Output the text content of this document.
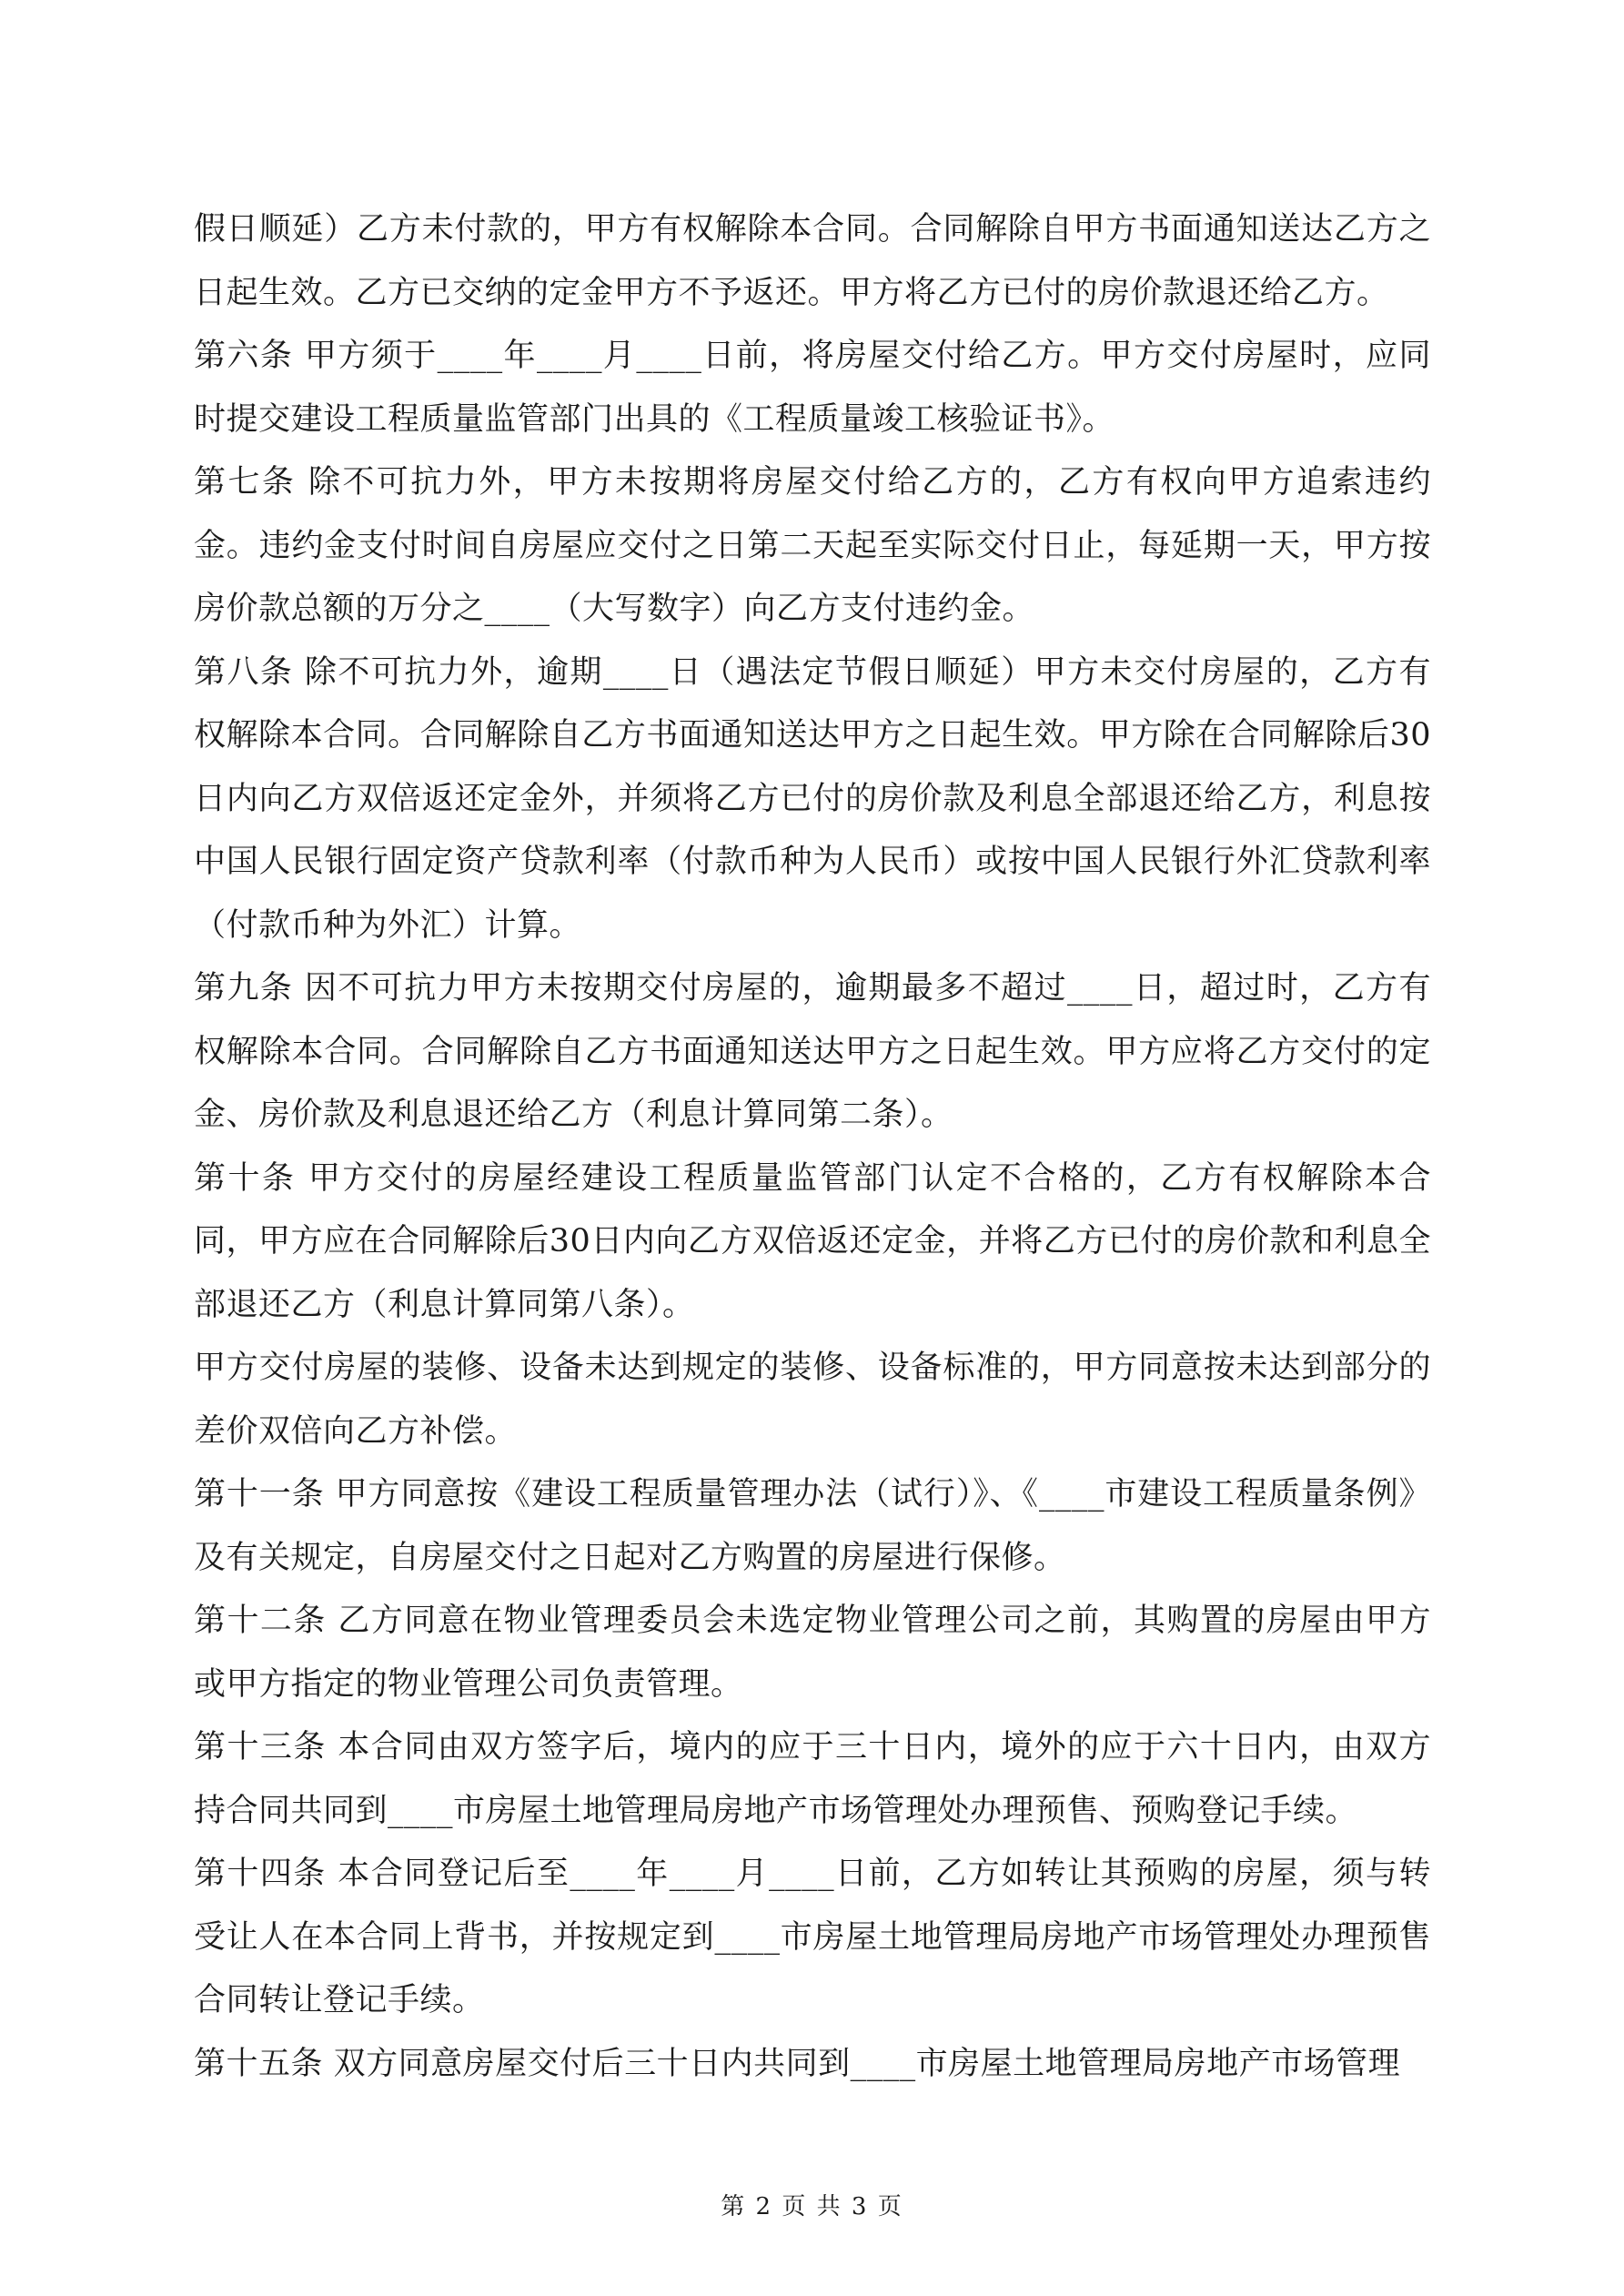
假日顺延）乙方未付款的，甲方有权解除本合同。合同解除自甲方书面通知送达乙方之日起生效。乙方已交纳的定金甲方不予返还。甲方将乙方已付的房价款退还给乙方。

第六条 甲方须于____年____月____日前，将房屋交付给乙方。甲方交付房屋时，应同时提交建设工程质量监管部门出具的《工程质量竣工核验证书》。

第七条 除不可抗力外，甲方未按期将房屋交付给乙方的，乙方有权向甲方追索违约金。违约金支付时间自房屋应交付之日第二天起至实际交付日止，每延期一天，甲方按房价款总额的万分之____（大写数字）向乙方支付违约金。

第八条 除不可抗力外，逾期____日（遇法定节假日顺延）甲方未交付房屋的，乙方有权解除本合同。合同解除自乙方书面通知送达甲方之日起生效。甲方除在合同解除后30日内向乙方双倍返还定金外，并须将乙方已付的房价款及利息全部退还给乙方，利息按中国人民银行固定资产贷款利率（付款币种为人民币）或按中国人民银行外汇贷款利率（付款币种为外汇）计算。

第九条 因不可抗力甲方未按期交付房屋的，逾期最多不超过____日，超过时，乙方有权解除本合同。合同解除自乙方书面通知送达甲方之日起生效。甲方应将乙方交付的定金、房价款及利息退还给乙方（利息计算同第二条）。

第十条 甲方交付的房屋经建设工程质量监管部门认定不合格的，乙方有权解除本合同，甲方应在合同解除后30日内向乙方双倍返还定金，并将乙方已付的房价款和利息全部退还乙方（利息计算同第八条）。

甲方交付房屋的装修、设备未达到规定的装修、设备标准的，甲方同意按未达到部分的差价双倍向乙方补偿。

第十一条 甲方同意按《建设工程质量管理办法（试行）》、《____市建设工程质量条例》及有关规定，自房屋交付之日起对乙方购置的房屋进行保修。

第十二条 乙方同意在物业管理委员会未选定物业管理公司之前，其购置的房屋由甲方或甲方指定的物业管理公司负责管理。

第十三条 本合同由双方签字后，境内的应于三十日内，境外的应于六十日内，由双方持合同共同到____市房屋土地管理局房地产市场管理处办理预售、预购登记手续。

第十四条 本合同登记后至____年____月____日前，乙方如转让其预购的房屋，须与转受让人在本合同上背书，并按规定到____市房屋土地管理局房地产市场管理处办理预售合同转让登记手续。

第十五条 双方同意房屋交付后三十日内共同到____市房屋土地管理局房地产市场管理

第 2 页 共 3 页
